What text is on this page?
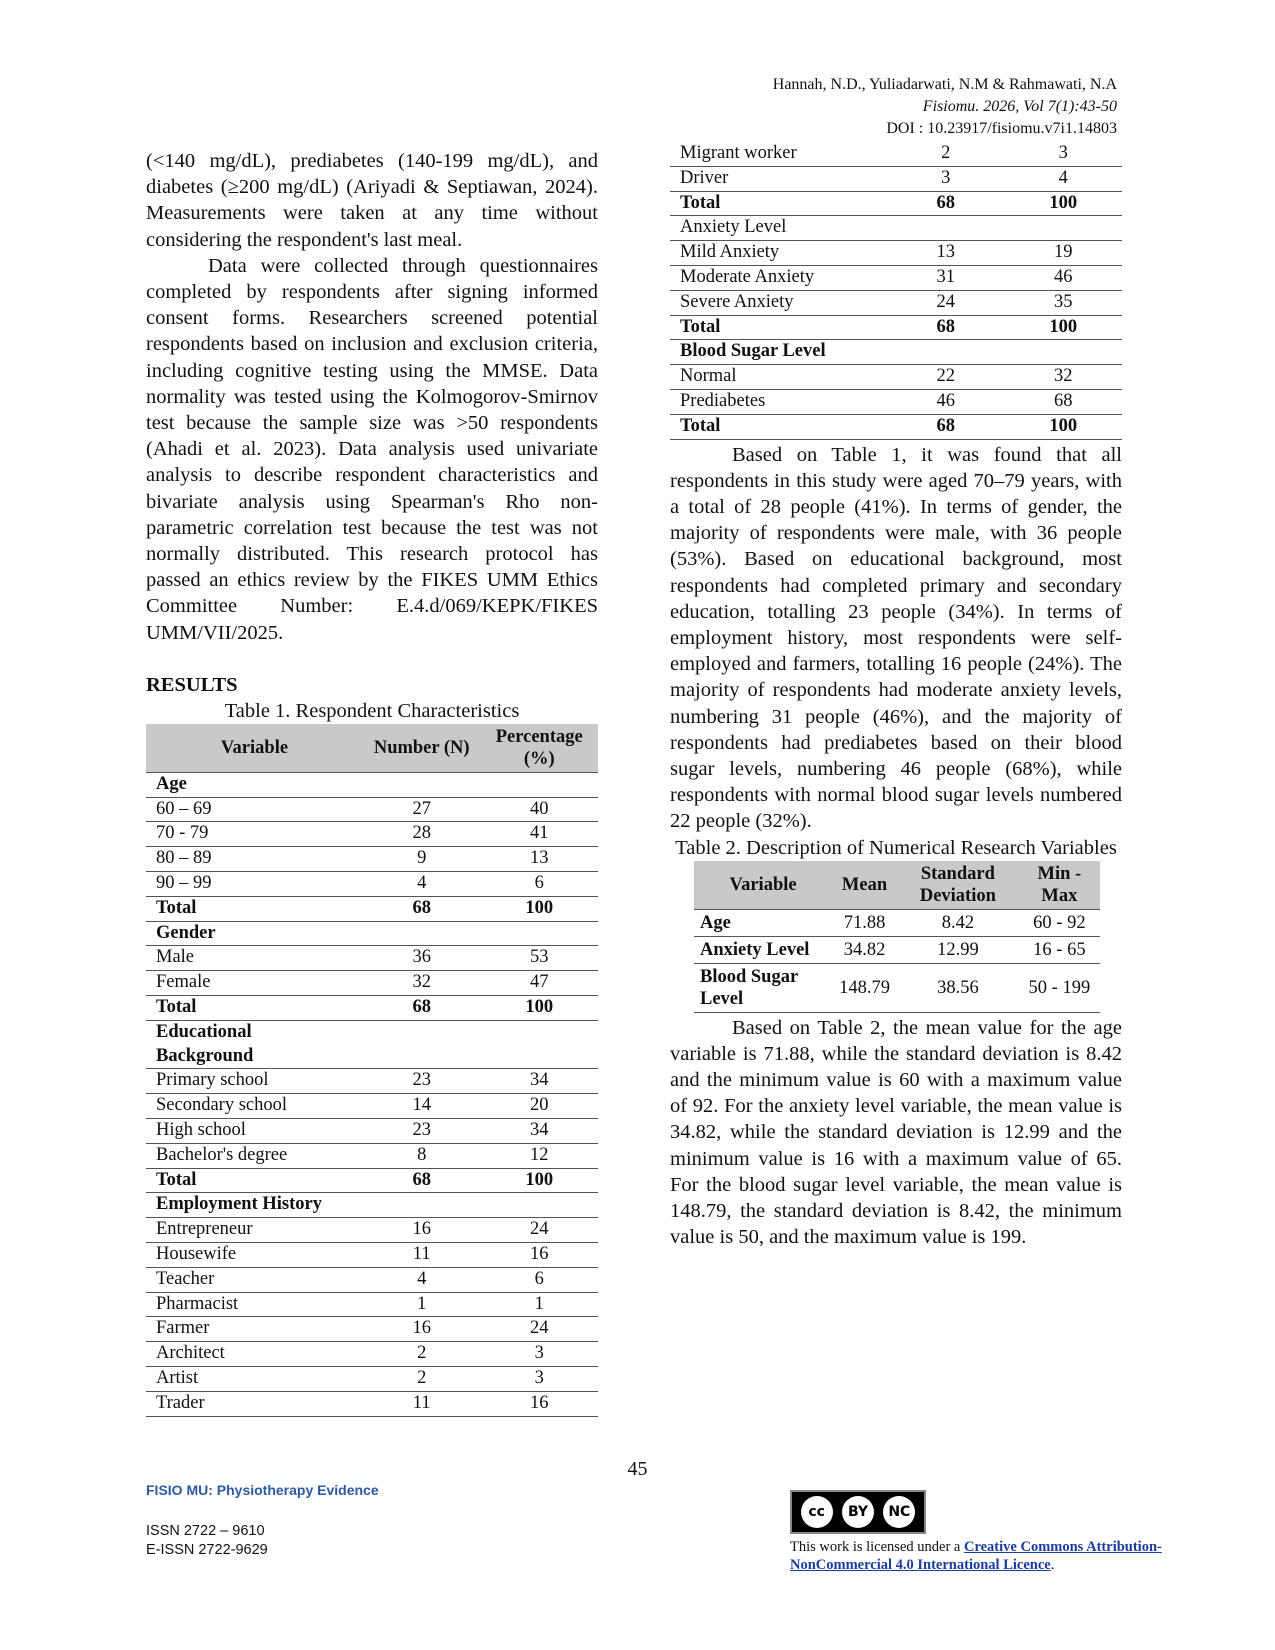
Hannah, N.D., Yuliadarwati, N.M & Rahmawati, N.A
Fisiomu. 2026, Vol 7(1):43-50
DOI : 10.23917/fisiomu.v7i1.14803

(<140 mg/dL), prediabetes (140-199 mg/dL), and diabetes (≥200 mg/dL) (Ariyadi & Septiawan, 2024). Measurements were taken at any time without considering the respondent's last meal.

Data were collected through questionnaires completed by respondents after signing informed consent forms. Researchers screened potential respondents based on inclusion and exclusion criteria, including cognitive testing using the MMSE. Data normality was tested using the Kolmogorov-Smirnov test because the sample size was >50 respondents (Ahadi et al. 2023). Data analysis used univariate analysis to describe respondent characteristics and bivariate analysis using Spearman's Rho non-parametric correlation test because the test was not normally distributed. This research protocol has passed an ethics review by the FIKES UMM Ethics Committee Number: E.4.d/069/KEPK/FIKES UMM/VII/2025.

RESULTS
Table 1. Respondent Characteristics
Variable	Number (N)	Percentage (%)
Age		
60 – 69	27	40
70 - 79	28	41
80 – 89	9	13
90 – 99	4	6
Total	68	100
Gender		
Male	36	53
Female	32	47
Total	68	100
Educational Background		
Primary school	23	34
Secondary school	14	20
High school	23	34
Bachelor's degree	8	12
Total	68	100
Employment History		
Entrepreneur	16	24
Housewife	11	16
Teacher	4	6
Pharmacist	1	1
Farmer	16	24
Architect	2	3
Artist	2	3
Trader	11	16
Migrant worker	2	3
Driver	3	4
Total	68	100
Anxiety Level		
Mild Anxiety	13	19
Moderate Anxiety	31	46
Severe Anxiety	24	35
Total	68	100
Blood Sugar Level		
Normal	22	32
Prediabetes	46	68
Total	68	100

Based on Table 1, it was found that all respondents in this study were aged 70–79 years, with a total of 28 people (41%). In terms of gender, the majority of respondents were male, with 36 people (53%). Based on educational background, most respondents had completed primary and secondary education, totalling 23 people (34%). In terms of employment history, most respondents were self-employed and farmers, totalling 16 people (24%). The majority of respondents had moderate anxiety levels, numbering 31 people (46%), and the majority of respondents had prediabetes based on their blood sugar levels, numbering 46 people (68%), while respondents with normal blood sugar levels numbered 22 people (32%).

Table 2. Description of Numerical Research Variables
Variable	Mean	Standard Deviation	Min - Max
Age	71.88	8.42	60 - 92
Anxiety Level	34.82	12.99	16 - 65
Blood Sugar Level	148.79	38.56	50 - 199

Based on Table 2, the mean value for the age variable is 71.88, while the standard deviation is 8.42 and the minimum value is 60 with a maximum value of 92. For the anxiety level variable, the mean value is 34.82, while the standard deviation is 12.99 and the minimum value is 16 with a maximum value of 65. For the blood sugar level variable, the mean value is 148.79, the standard deviation is 8.42, the minimum value is 50, and the maximum value is 199.

45
FISIO MU: Physiotherapy Evidence
ISSN 2722 – 9610
E-ISSN 2722-9629
cc	BY	NC
This work is licensed under a Creative Commons Attribution-NonCommercial 4.0 International Licence.
